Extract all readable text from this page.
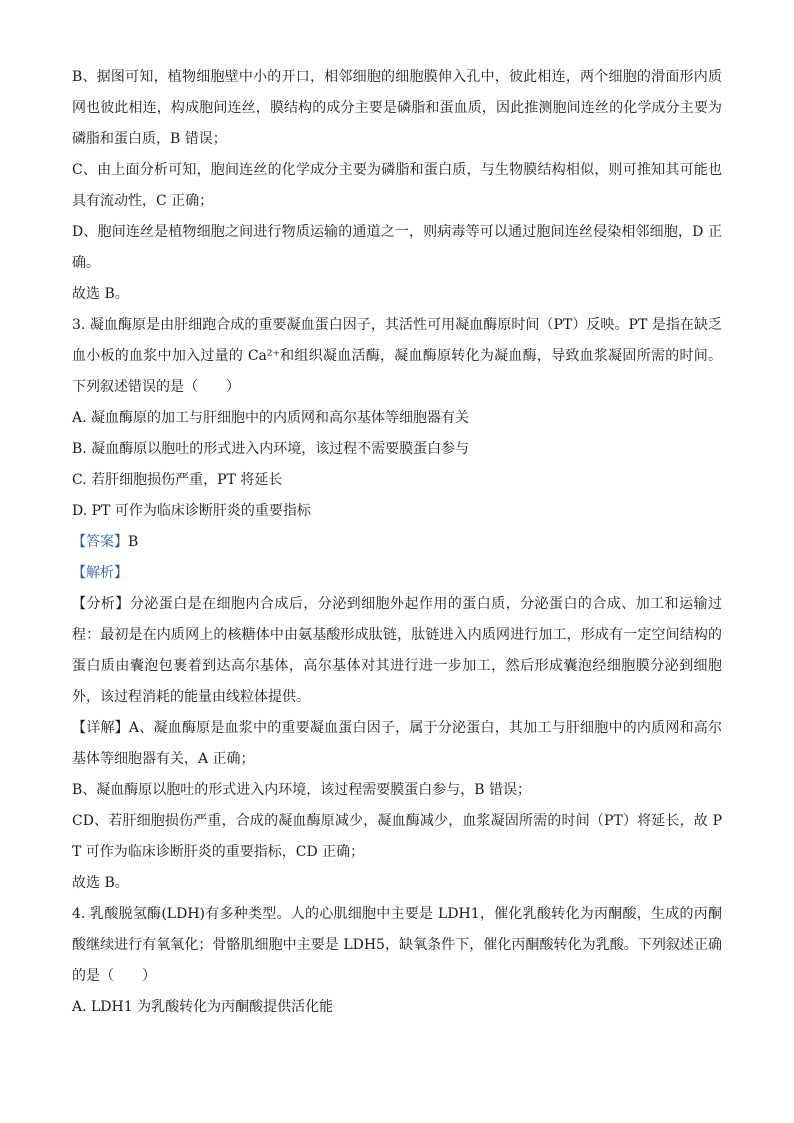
B、据图可知，植物细胞壁中小的开口，相邻细胞的细胞膜伸入孔中，彼此相连，两个细胞的滑面形内质网也彼此相连，构成胞间连丝，膜结构的成分主要是磷脂和蛋血质，因此推测胞间连丝的化学成分主要为磷脂和蛋白质，B 错误；

C、由上面分析可知，胞间连丝的化学成分主要为磷脂和蛋白质，与生物膜结构相似，则可推知其可能也具有流动性，C 正确；

D、胞间连丝是植物细胞之间进行物质运输的通道之一，则病毒等可以通过胞间连丝侵染相邻细胞，D 正确。

故选 B。

3. 凝血酶原是由肝细跑合成的重要凝血蛋白因子，其活性可用凝血酶原时间（PT）反映。PT 是指在缺乏血小板的血浆中加入过量的 Ca²⁺和组织凝血活酶，凝血酶原转化为凝血酶，导致血浆凝固所需的时间。下列叙述错误的是（　　）

A. 凝血酶原的加工与肝细胞中的内质网和高尔基体等细胞器有关

B. 凝血酶原以胞吐的形式进入内环境，该过程不需要膜蛋白参与

C. 若肝细胞损伤严重，PT 将延长

D. PT 可作为临床诊断肝炎的重要指标

【答案】B

【解析】

【分析】分泌蛋白是在细胞内合成后，分泌到细胞外起作用的蛋白质，分泌蛋白的合成、加工和运输过程：最初是在内质网上的核糖体中由氨基酸形成肽链，肽链进入内质网进行加工，形成有一定空间结构的蛋白质由囊泡包裹着到达高尔基体，高尔基体对其进行进一步加工，然后形成囊泡经细胞膜分泌到细胞外，该过程消耗的能量由线粒体提供。

【详解】A、凝血酶原是血浆中的重要凝血蛋白因子，属于分泌蛋白，其加工与肝细胞中的内质网和高尔基体等细胞器有关，A 正确；

B、凝血酶原以胞吐的形式进入内环境，该过程需要膜蛋白参与，B 错误；

CD、若肝细胞损伤严重，合成的凝血酶原减少，凝血酶减少，血浆凝固所需的时间（PT）将延长，故 PT 可作为临床诊断肝炎的重要指标，CD 正确；

故选 B。

4. 乳酸脱氢酶(LDH)有多种类型。人的心肌细胞中主要是 LDH1，催化乳酸转化为丙酮酸，生成的丙酮酸继续进行有氧氧化；骨骼肌细胞中主要是 LDH5，缺氧条件下，催化丙酮酸转化为乳酸。下列叙述正确的是（　　）

A. LDH1 为乳酸转化为丙酮酸提供活化能
